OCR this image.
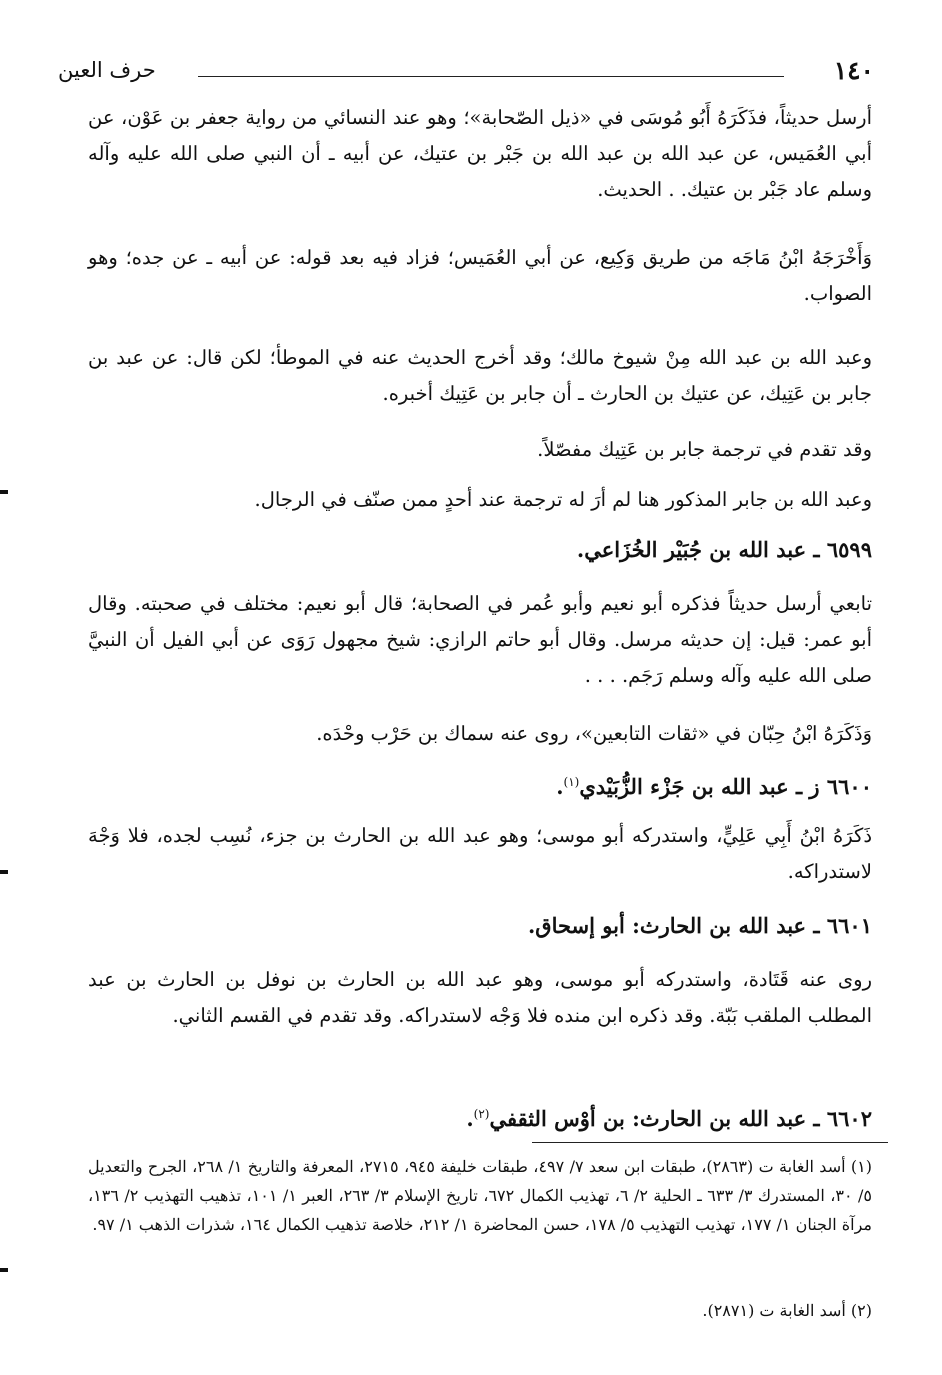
١٤٠
حرف العين
أرسل حديثاً، فذَكَرَهُ أَبُو مُوسَى في «ذيل الصّحابة»؛ وهو عند النسائي من رواية جعفر بن عَوْن، عن أبي العُمَيس، عن عبد الله بن عبد الله بن جَبْر بن عتيك، عن أبيه ـ أن النبي صلى الله عليه وآله وسلم عاد جَبْر بن عتيك. . الحديث.
وَأَخْرَجَهُ ابْنُ مَاجَه من طريق وَكِيع، عن أبي العُمَيس؛ فزاد فيه بعد قوله: عن أبيه ـ عن جده؛ وهو الصواب.
وعبد الله بن عبد الله مِنْ شيوخ مالك؛ وقد أخرج الحديث عنه في الموطأ؛ لكن قال: عن عبد بن جابر بن عَتِيك، عن عتيك بن الحارث ـ أن جابر بن عَتِيك أخبره.
وقد تقدم في ترجمة جابر بن عَتِيك مفصّلاً.
وعبد الله بن جابر المذكور هنا لم أرَ له ترجمة عند أحدٍ ممن صنّف في الرجال.
٦٥٩٩ ـ عبد الله بن جُبَيْر الخُزَاعي.
تابعي أرسل حديثاً فذكره أبو نعيم وأبو عُمر في الصحابة؛ قال أبو نعيم: مختلف في صحبته. وقال أبو عمر: قيل: إن حديثه مرسل. وقال أبو حاتم الرازي: شيخ مجهول رَوَى عن أبي الفيل أن النبيَّ صلى الله عليه وآله وسلم رَجَم. . . .
وَذَكَرَهُ ابْنُ حِبّان في «ثقات التابعين»، روى عنه سماك بن حَرْب وحْدَه.
٦٦٠٠ ز ـ عبد الله بن جَزْء الزُّبَيْدي$^{(١)}$.
ذَكَرَهُ ابْنُ أَبِي عَلِيٍّ، واستدركه أبو موسى؛ وهو عبد الله بن الحارث بن جزء، نُسِب لجده، فلا وَجْهَ لاستدراكه.
٦٦٠١ ـ عبد الله بن الحارث: أبو إسحاق.
روى عنه قَتَادة، واستدركه أبو موسى، وهو عبد الله بن الحارث بن نوفل بن الحارث بن عبد المطلب الملقب بَبّة. وقد ذكره ابن منده فلا وَجْه لاستدراكه. وقد تقدم في القسم الثاني.
٦٦٠٢ ـ عبد الله بن الحارث: بن أوْس الثقفي$^{(٢)}$.
(١) أسد الغابة ت (٢٨٦٣)، طبقات ابن سعد ٧/ ٤٩٧، طبقات خليفة ٩٤٥، ٢٧١٥، المعرفة والتاريخ ١/ ٢٦٨، الجرح والتعديل ٥/ ٣٠، المستدرك ٣/ ٦٣٣ ـ الحلية ٢/ ٦، تهذيب الكمال ٦٧٢، تاريخ الإسلام ٣/ ٢٦٣، العبر ١/ ١٠١، تذهيب التهذيب ٢/ ١٣٦، مرآة الجنان ١/ ١٧٧، تهذيب التهذيب ٥/ ١٧٨، حسن المحاضرة ١/ ٢١٢، خلاصة تذهيب الكمال ١٦٤، شذرات الذهب ١/ ٩٧.
(٢) أسد الغابة ت (٢٨٧١).
